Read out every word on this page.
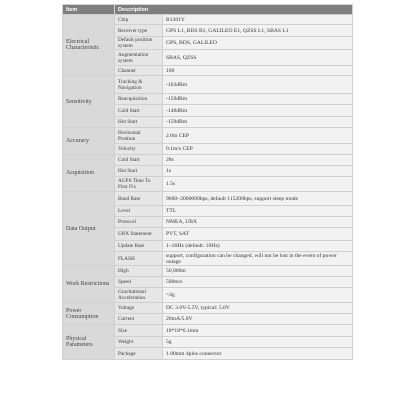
Item	Description	
Electrical Characteristic	Chip	B1301Y
	Receiver type	GPS L1, BDS B1, GALILEO E1, QZSS L1, SBAS L1
	Default position system	GPS, BDS, GALILEO
	Augmentation system	SBAS, QZSS
	Channel	100
Sensitivity	Tracking & Navigation	-163dBm
	Reacquisition	-159dBm
	Cold Start	-148dBm
	Hot Start	-159dBm
Accuracy	Horizontal Position	2.0m CEP
	Velocity	0.1m/s CEP
Acquisition	Cold Start	28s
	Hot Start	1s
	AGPS Time To First Fix	1.5s
Data Output	Baud Rate	9600~2000000bps, default 115200bps, support sleep mode
	Level	TTL
	Protocol	NMEA, UBX
	UBX Statement	PVT, SAT
	Update Rate	1~20Hz (default: 10Hz)
	FLASH	support, configuration can be changed, will not be lost in the event of power outage
Work Restrictions	High	50,000m
	Speed	500m/s
	Gravitational Acceleration	<4g
Power Consumption	Voltage	DC 3.6V-5.5V, typical: 5.0V
	Current	20mA/5.0V
Physical Parameters	Size	18*18*6.1mm
	Weight	5g
	Package	1.00mm 4pins connector
